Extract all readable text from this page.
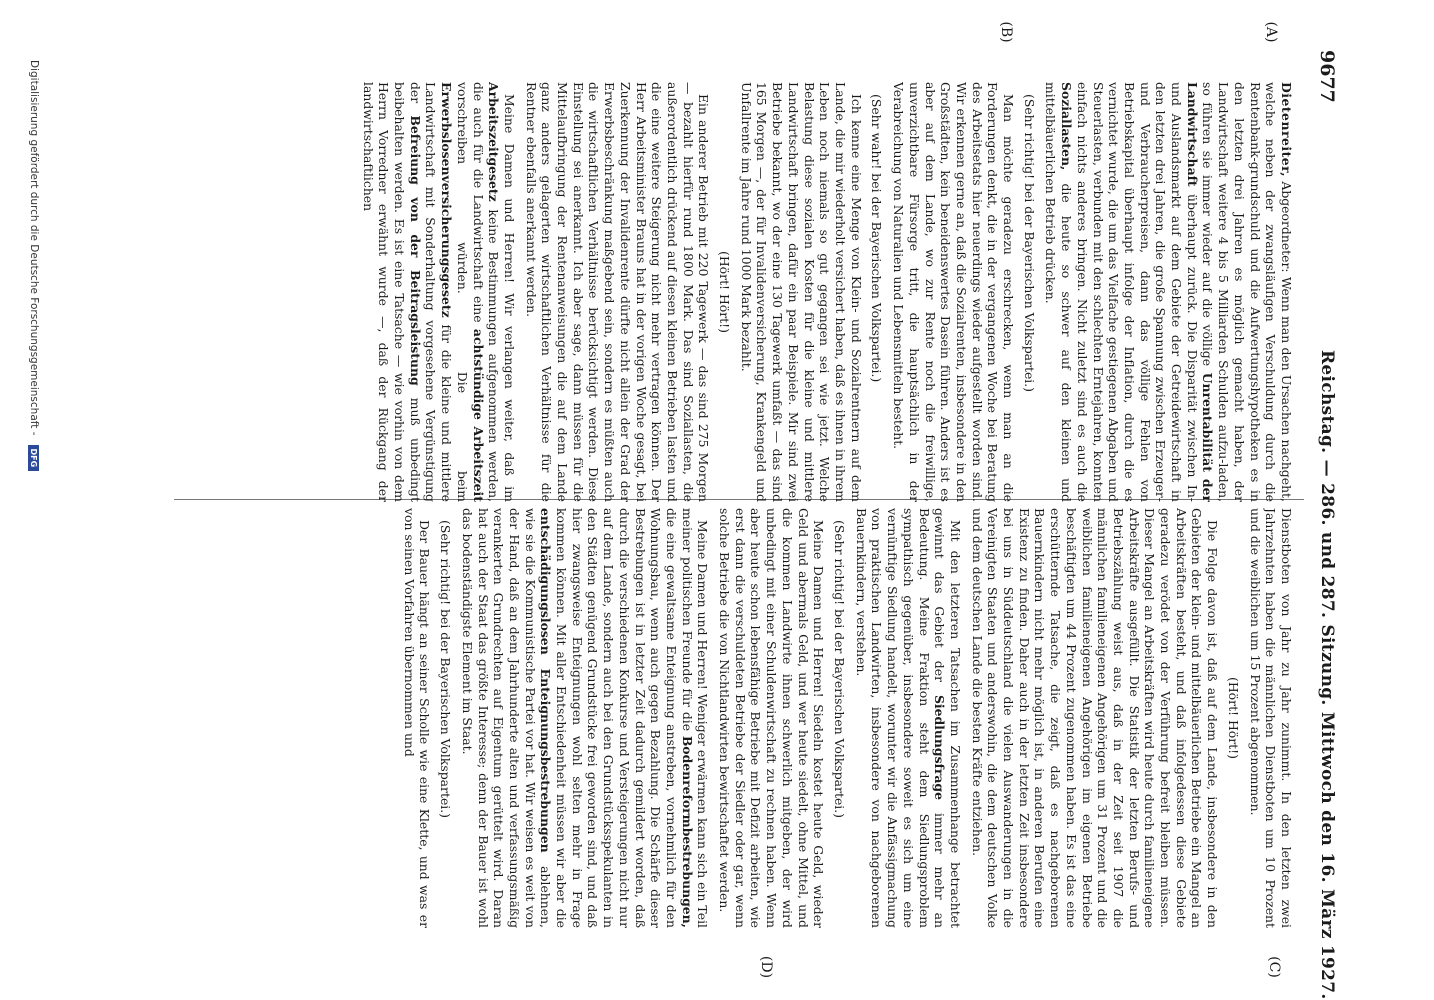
9677
Reichstag. — 286. und 287. Sitzung. Mittwoch den 16. März 1927.
(A)
(B)
(C)
(D)

Dietenreiter, Abgeordneter: Wenn man den Ursachen nachgeht, welche neben der zwangsläufigen Verschuldung durch die Rentenbank-grundschuld und die Aufwertungshypotheken es in den letzten drei Jahren es möglich gemacht haben, der Landwirtschaft weitere 4 bis 5 Milliarden Schulden aufzu-laden, so führen sie immer wieder auf die völlige Unrentabilität der Landwirtschaft überhaupt zurück. Die Disparität zwischen In- und Auslandsmarkt auf dem Gebiete der Getreidewirtschaft in den letzten drei Jahren, die große Spannung zwischen Erzeuger- und Verbraucherpreisen, dann das völlige Fehlen von Betriebskapital überhaupt infolge der Inflation, durch die es vernichtet wurde, die um das Vielfache gestiegenen Abgaben und Steuerlasten, verbunden mit den schlechten Erntejahren, konnten einfach nichts anderes bringen. Nicht zuletzt sind es auch die Soziallasten, die heute so schwer auf den kleinen und mittelbäuerlichen Betrieb drücken.

(Sehr richtig! bei der Bayerischen Volkspartei.)

Man möchte geradezu erschrecken, wenn man an die Forderungen denkt, die in der vergangenen Woche bei Beratung des Arbeitsetats hier neuerdings wieder aufgestellt worden sind. Wir erkennen gerne an, daß die Sozialrenten, insbesondere in den Großstädten, kein beneidenswertes Dasein führen. Anders ist es aber auf dem Lande, wo zur Rente noch die freiwillige, unverzichtbare Fürsorge tritt, die hauptsächlich in der Verabreichung von Naturalien und Lebensmitteln besteht.

(Sehr wahr! bei der Bayerischen Volkspartei.)

Ich kenne eine Menge von Klein- und Sozialrentnern auf dem Lande, die mir wiederholt versichert haben, daß es ihnen in ihrem Leben noch niemals so gut gegangen sei wie jetzt. Welche Belastung diese sozialen Kosten für die kleine und mittlere Landwirtschaft bringen, dafür ein paar Beispiele. Mir sind zwei Betriebe bekannt, wo der eine 130 Tagewerk umfaßt — das sind 165 Morgen —, der für Invalidenversicherung, Krankengeld und Unfallrente im Jahre rund 1000 Mark bezahlt.

(Hört! Hört!)

Ein anderer Betrieb mit 220 Tagewerk — das sind 275 Morgen — bezahlt hierfür rund 1800 Mark. Das sind Soziallasten, die außerordentlich drückend auf diesen kleinen Betrieben lasten und die eine weitere Steigerung nicht mehr vertragen können. Der Herr Arbeitsminister Brauns hat in der vorigen Woche gesagt, bei Zuerkennung der Invalidenrente dürfte nicht allein der Grad der Erwerbsbeschränkung maßgebend sein, sondern es müßten auch die wirtschaftlichen Verhältnisse berücksichtigt werden. Diese Einstellung sei anerkannt. Ich aber sage, dann müssen für die Mittelaufbringung der Rentenanweisungen die auf dem Lande ganz anders gelagerten wirtschaftlichen Verhältnisse für die Rentner ebenfalls anerkannt werden.

Meine Damen und Herren! Wir verlangen weiter, daß im Arbeitszeitgesetz keine Bestimmungen aufgenommen werden, die auch für die Landwirtschaft eine achtstündige Arbeitszeit vorschreiben würden. Die beim Erwerbslosenversicherungsgesetz für die kleine und mittlere Landwirtschaft mit Sonderhaltung vorgesehene Vergünstigung der Befreiung von der Beitragsleistung muß unbedingt beibehalten werden. Es ist eine Tatsache — wie vorhin von dem Herrn Vorredner erwähnt wurde —, daß der Rückgang der landwirtschaftlichen

Dienstboten von Jahr zu Jahr zunimmt. In den letzten zwei Jahrzehnten haben die männlichen Dienstboten um 10 Prozent und die weiblichen um 15 Prozent abgenommen.

(Hört! Hört!)

Die Folge davon ist, daß auf dem Lande, insbesondere in den Gebieten der klein- und mittelbäuerlichen Betriebe ein Mangel an Arbeitskräften besteht, und daß infolgedessen diese Gebiete geradezu verödet von der Verführung befreit bleiben müssen. Dieser Mangel an Arbeitskräften wird heute durch familieneigene Arbeitskräfte ausgefüllt. Die Statistik der letzten Berufs- und Betriebszählung weist aus, daß in der Zeit seit 1907 die männlichen familieneigenen Angehörigen um 31 Prozent und die weiblichen familieneigenen Angehörigen im eigenen Betriebe beschäftigten um 44 Prozent zugenommen haben. Es ist das eine erschütternde Tatsache, die zeigt, daß es nachgeborenen Bauernkindern nicht mehr möglich ist, in anderen Berufen eine Existenz zu finden. Daher auch in der letzten Zeit insbesondere bei uns in Süddeutschland die vielen Auswanderungen in die Vereinigten Staaten und anderswohin, die dem deutschen Volke und dem deutschen Lande die besten Kräfte entziehen.

Mit den letzteren Tatsachen im Zusammenhange betrachtet gewinnt das Gebiet der Siedlungsfrage immer mehr an Bedeutung. Meine Fraktion steht dem Siedlungsproblem sympathisch gegenüber, insbesondere soweit es sich um eine vernünftige Siedlung handelt, worunter wir die Anfässigmachung von praktischen Landwirten, insbesondere von nachgeborenen Bauernkindern, verstehen.

(Sehr richtig! bei der Bayerischen Volkspartei.)

Meine Damen und Herren! Siedeln kostet heute Geld, wieder Geld und abermals Geld, und wer heute siedelt, ohne Mittel, und die kommen Landwirte ihnen schwerlich mitgeben, der wird unbedingt mit einer Schuldenwirtschaft zu rechnen haben. Wenn aber heute schon lebensfähige Betriebe mit Defizit arbeiten, wie erst dann die verschuldeten Betriebe der Siedler oder gar, wenn solche Betriebe die von Nichtlandwirten bewirtschaftet werden.

Meine Damen und Herren! Weniger erwärmen kann sich ein Teil meiner politischen Freunde für die Bodenreformbestrebungen, die eine gewaltsame Enteignung anstreben, vornehmlich für den Wohnungsbau, wenn auch gegen Bezahlung. Die Schärfe dieser Bestrebungen ist in letzter Zeit dadurch gemildert worden, daß durch die verschiedenen Konkurse und Versteigerungen nicht nur auf dem Lande, sondern auch bei den Grundstücksspekulanten in den Städten genügend Grundstücke frei geworden sind, und daß hier zwangsweise Enteignungen wohl selten mehr in Frage kommen können. Mit aller Entschiedenheit müssen wir aber die entschädigungslosen Enteignungsbestrebungen ablehnen, wie sie die Kommunistische Partei vor hat. Wir weisen es weit von der Hand, daß an dem Jahrhunderte alten und verfassungsmäßig verankerten Grundrechten auf Eigentum gerüttelt wird. Daran hat auch der Staat das größte Interesse; denn der Bauer ist wohl das bodenständigste Element im Staat.

(Sehr richtig! bei der Bayerischen Volkspartei.)

Der Bauer hängt an seiner Scholle wie eine Klette, und was er von seinen Vorfahren übernommen und

Digitalisierung gefördert durch die Deutsche Forschungsgemeinschaft - DFG
